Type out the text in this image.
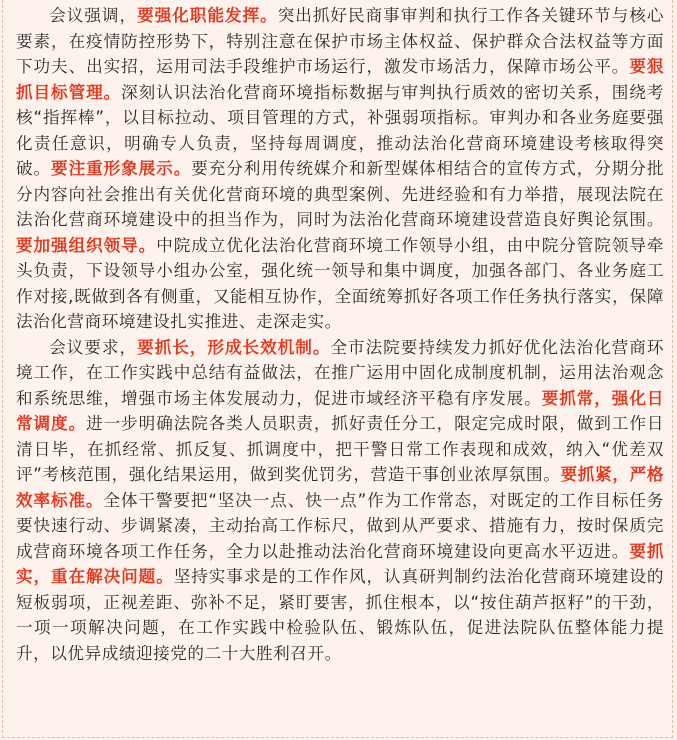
会议强调，要强化职能发挥。突出抓好民商事审判和执行工作各关键环节与核心要素，在疫情防控形势下，特别注意在保护市场主体权益、保护群众合法权益等方面下功夫、出实招，运用司法手段维护市场运行，激发市场活力，保障市场公平。要狠抓目标管理。深刻认识法治化营商环境指标数据与审判执行质效的密切关系，围绕考核“指挥棒”，以目标拉动、项目管理的方式，补强弱项指标。审判办和各业务庭要强化责任意识，明确专人负责，坚持每周调度，推动法治化营商环境建设考核取得突破。要注重形象展示。要充分利用传统媒介和新型媒体相结合的宣传方式，分期分批分内容向社会推出有关优化营商环境的典型案例、先进经验和有力举措，展现法院在法治化营商环境建设中的担当作为，同时为法治化营商环境建设营造良好舆论氛围。要加强组织领导。中院成立优化法治化营商环境工作领导小组，由中院分管院领导牵头负责，下设领导小组办公室，强化统一领导和集中调度，加强各部门、各业务庭工作对接,既做到各有侧重，又能相互协作，全面统筹抓好各项工作任务执行落实，保障法治化营商环境建设扎实推进、走深走实。

会议要求，要抓长，形成长效机制。全市法院要持续发力抓好优化法治化营商环境工作，在工作实践中总结有益做法，在推广运用中固化成制度机制，运用法治观念和系统思维，增强市场主体发展动力，促进市域经济平稳有序发展。要抓常，强化日常调度。进一步明确法院各类人员职责，抓好责任分工，限定完成时限，做到工作日清日毕，在抓经常、抓反复、抓调度中，把干警日常工作表现和成效，纳入“优差双评”考核范围，强化结果运用，做到奖优罚劣，营造干事创业浓厚氛围。要抓紧，严格效率标准。全体干警要把“坚决一点、快一点”作为工作常态，对既定的工作目标任务要快速行动、步调紧凑，主动抬高工作标尺，做到从严要求、措施有力，按时保质完成营商环境各项工作任务，全力以赴推动法治化营商环境建设向更高水平迈进。要抓实，重在解决问题。坚持实事求是的工作作风，认真研判制约法治化营商环境建设的短板弱项，正视差距、弥补不足，紧盯要害，抓住根本，以“按住葫芦抠籽”的干劲，一项一项解决问题，在工作实践中检验队伍、锻炼队伍，促进法院队伍整体能力提升，以优异成绩迎接党的二十大胜利召开。
